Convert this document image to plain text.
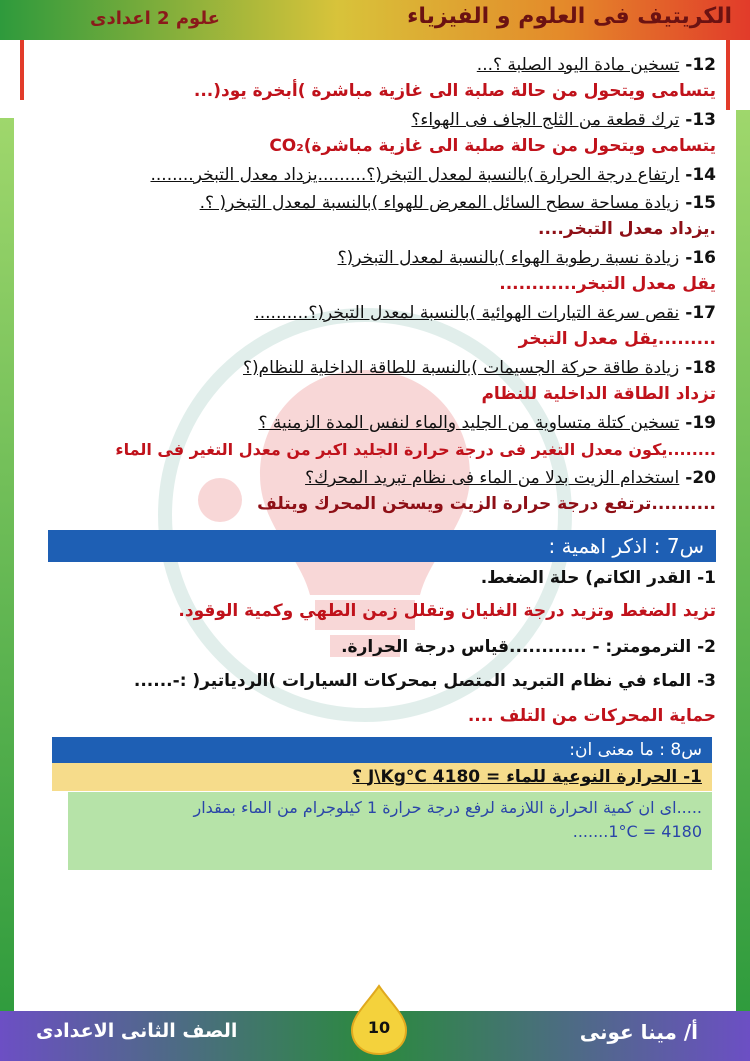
الكريتيف فى العلوم و الفيزياء
علوم 2 اعدادى
12-تسخين مادة اليود الصلبة ؟...
يتسامى ويتحول من حالة صلبة الى غازية مباشرة )أبخرة يود(...
13-ترك قطعة من الثلج الجاف فى الهواء؟
يتسامى ويتحول من حالة صلبة الى غازية مباشرة)CO₂
14-ارتفاع درجة الحرارة )بالنسبة لمعدل التبخر(؟.........يزداد معدل التبخر........
15-زيادة مساحة سطح السائل المعرض للهواء )بالنسبة لمعدل التبخر( ؟.
.يزداد معدل التبخر....
16-زيادة نسبة رطوبة الهواء )بالنسبة لمعدل التبخر(؟
يقل معدل التبخر............
17-نقص سرعة التيارات الهوائية )بالنسبة لمعدل التبخر(؟..........
.........يقل معدل التبخر
18-زيادة طاقة حركة الجسيمات )بالنسبة للطاقة الداخلية للنظام(؟
تزداد الطاقة الداخلية للنظام
19-تسخين كتلة متساوية من الجليد والماء لنفس المدة الزمنية ؟
........يكون معدل التغير فى درجة حرارة الجليد اكبر من معدل التغير فى الماء
20-استخدام الزيت بدلا من الماء فى نظام تبريد المحرك؟
..........ترتفع درجة حرارة الزيت ويسخن المحرك ويتلف
س7 : اذكر اهمية :
1- القدر الكاتم) حلة الضغط.
تزيد الضغط وتزيد درجة الغليان وتقلل زمن الطهي وكمية الوقود.
2- الترمومتر: - ............قياس درجة الحرارة.
3- الماء في نظام التبريد المتصل بمحركات السيارات )الردياتير( :-......
حماية المحركات من التلف ....
س8 : ما معنى ان:
1- الحرارة النوعية للماء = 4180 J\Kg°C ؟
.....اى ان كمية الحرارة اللازمة لرفع درجة حرارة 1 كيلوجرام من الماء بمقدار
1°C = 4180.......
10
الصف الثانى الاعدادى	أ/ مينا عونى
